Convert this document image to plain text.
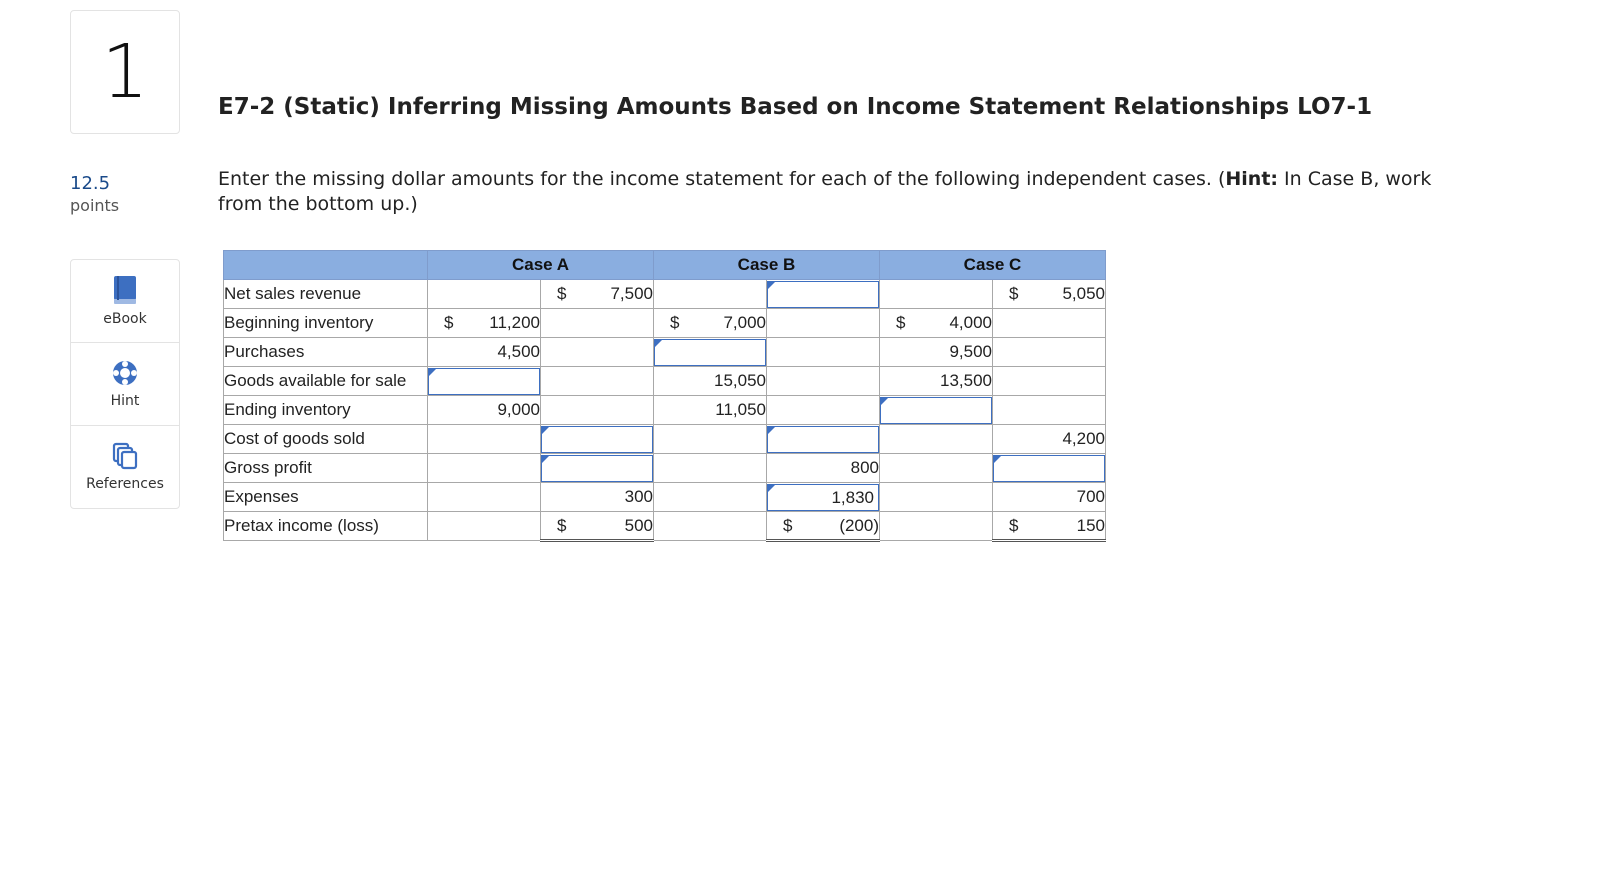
1
12.5
points
eBook
Hint
References
E7-2 (Static) Inferring Missing Amounts Based on Income Statement Relationships LO7-1
Enter the missing dollar amounts for the income statement for each of the following independent cases. (Hint: In Case B, work from the bottom up.)
	Case A		Case B		Case C	
Net sales revenue		$ 7,500				$ 5,050
Beginning inventory	$ 11,200		$ 7,000		$ 4,000	
Purchases	4,500				9,500	
Goods available for sale			15,050		13,500	
Ending inventory	9,000		11,050		

Cost of goods sold						4,200
Gross profit				800		

Expenses		300		1,830		700
Pretax income (loss)		$ 500		$ (200)		$ 150
